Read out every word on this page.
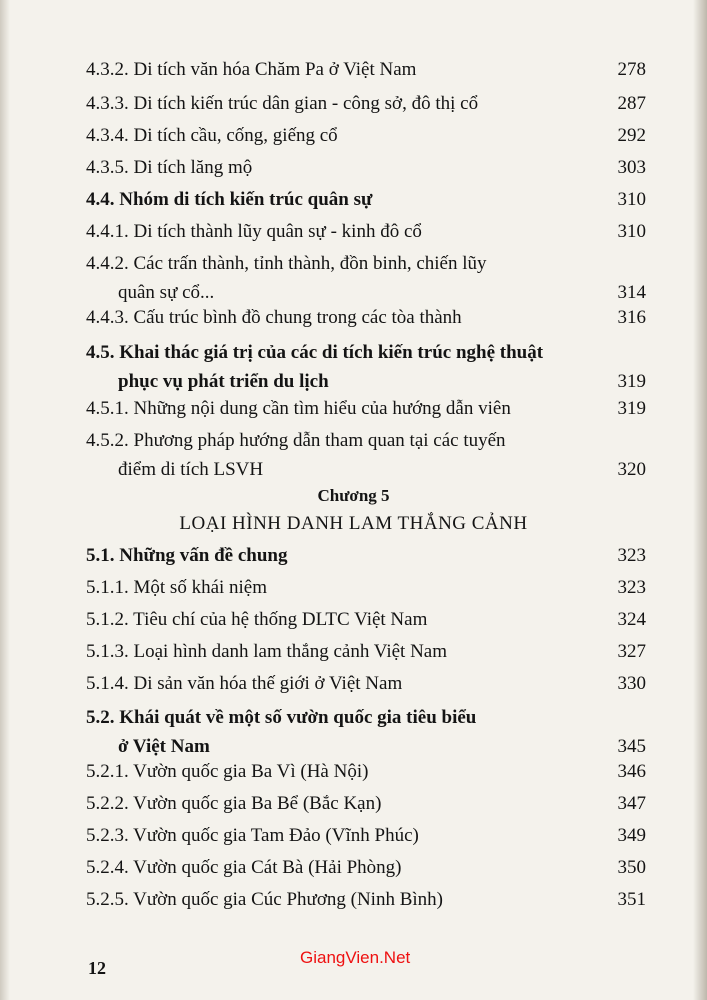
4.3.2. Di tích văn hóa Chăm Pa ở Việt Nam	278
4.3.3. Di tích kiến trúc dân gian - công sở, đô thị cổ	287
4.3.4. Di tích cầu, cống, giếng cổ	292
4.3.5. Di tích lăng mộ	303
4.4. Nhóm di tích kiến trúc quân sự	310
4.4.1. Di tích thành lũy quân sự - kinh đô cổ	310
4.4.2. Các trấn thành, tỉnh thành, đồn binh, chiến lũy
quân sự cổ...	314
4.4.3. Cấu trúc bình đồ chung trong các tòa thành	316
4.5. Khai thác giá trị của các di tích kiến trúc nghệ thuật
phục vụ phát triển du lịch	319
4.5.1. Những nội dung cần tìm hiểu của hướng dẫn viên	319
4.5.2. Phương pháp hướng dẫn tham quan tại các tuyến
điểm di tích LSVH	320
Chương 5
LOẠI HÌNH DANH LAM THẮNG CẢNH
5.1. Những vấn đề chung	323
5.1.1. Một số khái niệm	323
5.1.2. Tiêu chí của hệ thống DLTC Việt Nam	324
5.1.3. Loại hình danh lam thắng cảnh Việt Nam	327
5.1.4. Di sản văn hóa thế giới ở Việt Nam	330
5.2. Khái quát về một số vườn quốc gia tiêu biểu
ở Việt Nam	345
5.2.1. Vườn quốc gia Ba Vì (Hà Nội)	346
5.2.2. Vườn quốc gia Ba Bể (Bắc Kạn)	347
5.2.3. Vườn quốc gia Tam Đảo (Vĩnh Phúc)	349
5.2.4. Vườn quốc gia Cát Bà (Hải Phòng)	350
5.2.5. Vườn quốc gia Cúc Phương (Ninh Bình)	351
12
GiangVien.Net
